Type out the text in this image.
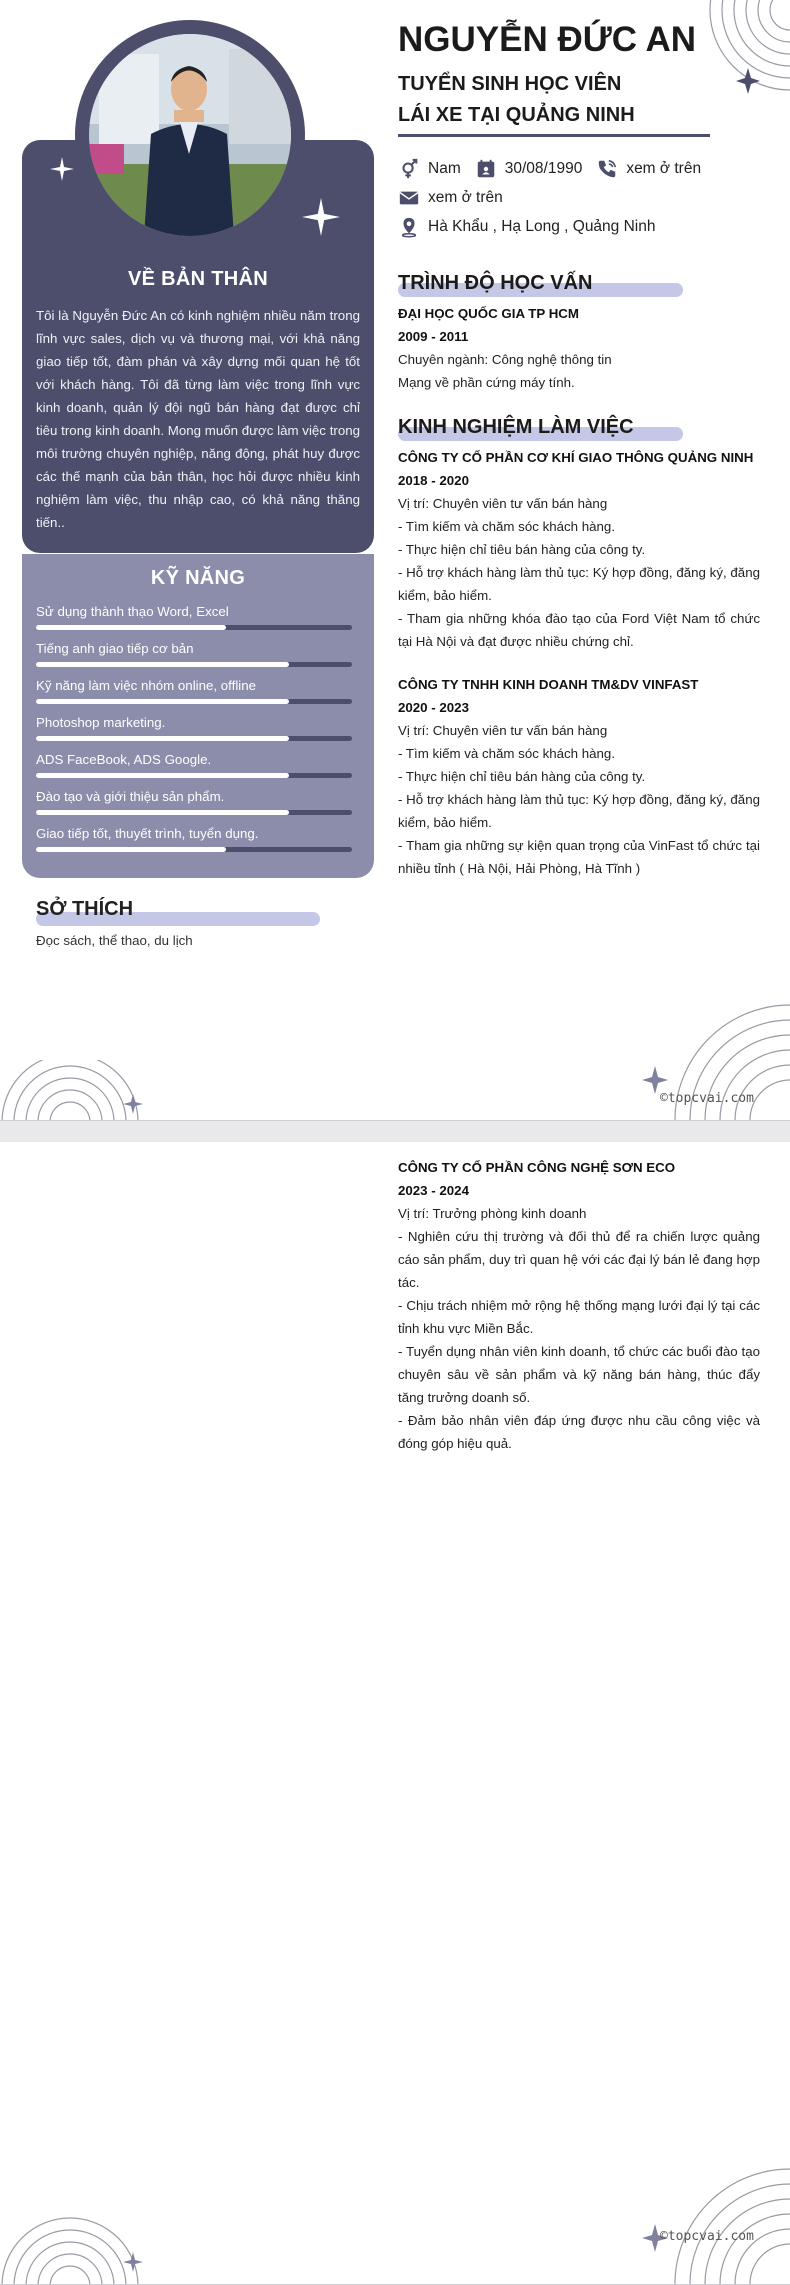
VỀ BẢN THÂN
Tôi là Nguyễn Đức An có kinh nghiệm nhiều năm trong lĩnh vực sales, dịch vụ và thương mại, với khả năng giao tiếp tốt, đàm phán và xây dựng mối quan hệ tốt với khách hàng. Tôi đã từng làm việc trong lĩnh vực kinh doanh, quản lý đội ngũ bán hàng đạt được chỉ tiêu trong kinh doanh. Mong muốn được làm việc trong môi trường chuyên nghiệp, năng động, phát huy được các thế mạnh của bản thân, học hỏi được nhiều kinh nghiệm làm việc, thu nhập cao, có khả năng thăng tiến..
KỸ NĂNG
SỞ THÍCH
Đọc sách, thể thao, du lịch
NGUYỄN ĐỨC AN
TUYỂN SINH HỌC VIÊN
LÁI XE TẠI QUẢNG NINH
Nam	30/08/1990	xem ở trên
xem ở trên
Hà Khẩu , Hạ Long , Quảng Ninh
TRÌNH ĐỘ HỌC VẤN
ĐẠI HỌC QUỐC GIA TP HCM
2009 - 2011
Chuyên ngành: Công nghệ thông tin
Mạng về phần cứng máy tính.
KINH NGHIỆM LÀM VIỆC
CÔNG TY CỔ PHẦN CƠ KHÍ GIAO THÔNG QUẢNG NINH
2018 - 2020
Vị trí: Chuyên viên tư vấn bán hàng
- Tìm kiếm và chăm sóc khách hàng.
- Thực hiện chỉ tiêu bán hàng của công ty.
- Hỗ trợ khách hàng làm thủ tục: Ký hợp đồng, đăng ký, đăng kiểm, bảo hiểm.
- Tham gia những khóa đào tạo của Ford Việt Nam tổ chức tại Hà Nội và đạt được nhiều chứng chỉ.
CÔNG TY TNHH KINH DOANH TM&DV VINFAST
2020 - 2023
Vị trí: Chuyên viên tư vấn bán hàng
- Tìm kiếm và chăm sóc khách hàng.
- Thực hiện chỉ tiêu bán hàng của công ty.
- Hỗ trợ khách hàng làm thủ tục: Ký hợp đồng, đăng ký, đăng kiểm, bảo hiểm.
- Tham gia những sự kiện quan trọng của VinFast tổ chức tại nhiều tỉnh ( Hà Nội, Hải Phòng, Hà Tĩnh )
©topcvai.com
Sử dụng thành thạo Word, Excel
Tiếng anh giao tiếp cơ bản
Kỹ năng làm việc nhóm online, offline
Photoshop marketing.
ADS FaceBook, ADS Google.
Đào tạo và giới thiệu sản phẩm.
Giao tiếp tốt, thuyết trình, tuyển dụng.
CÔNG TY CỔ PHẦN CÔNG NGHỆ SƠN ECO
2023 - 2024
Vị trí: Trưởng phòng kinh doanh
- Nghiên cứu thị trường và đối thủ để ra chiến lược quảng cáo sản phẩm, duy trì quan hệ với các đại lý bán lẻ đang hợp tác.
- Chịu trách nhiệm mở rộng hệ thống mạng lưới đại lý tại các tỉnh khu vực Miền Bắc.
- Tuyển dụng nhân viên kinh doanh, tổ chức các buổi đào tạo chuyên sâu về sản phẩm và kỹ năng bán hàng, thúc đẩy tăng trưởng doanh số.
- Đảm bảo nhân viên đáp ứng được nhu cầu công việc và đóng góp hiệu quả.
©topcvai.com
